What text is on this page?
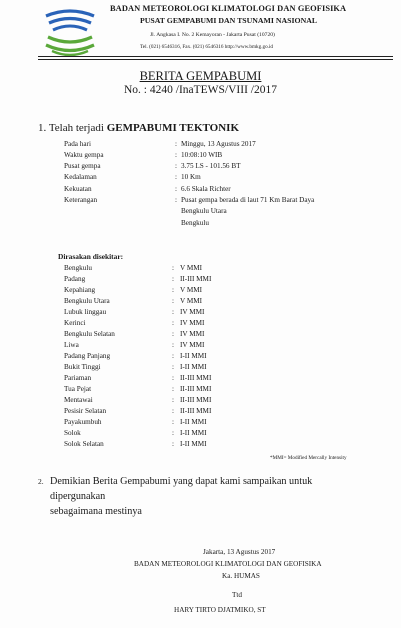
BADAN METEOROLOGI KLIMATOLOGI DAN GEOFISIKA
PUSAT GEMPABUMI DAN TSUNAMI NASIONAL
Jl. Angkasa I. No. 2 Kemayoran - Jakarta Pusat (10720)
Tel. (021) 6546316, Fax. (021) 6546316 http://www.bmkg.go.id
BERITA GEMPABUMI
No. : 4240 /InaTEWS/VIII /2017
1. Telah terjadi GEMPABUMI TEKTONIK
Pada hari	: Minggu, 13 Agustus 2017
Waktu gempa	: 10:08:10 WIB
Pusat gempa	: 3.75 LS - 101.56 BT
Kedalaman	: 10 Km
Kekuatan	: 6.6 Skala Richter
Keterangan	: Pusat gempa berada di laut 71 Km Barat Daya
Bengkulu Utara
Bengkulu
Dirasakan disekitar:
Bengkulu	: V MMI
Padang	: II-III MMI
Kepahiang	: V MMI
Bengkulu Utara	: V MMI
Lubuk linggau	: IV MMI
Kerinci	: IV MMI
Bengkulu Selatan	: IV MMI
Liwa	: IV MMI
Padang Panjang	: I-II MMI
Bukit Tinggi	: I-II MMI
Pariaman	: II-III MMI
Tua Pejat	: II-III MMI
Mentawai	: II-III MMI
Pesisir Selatan	: II-III MMI
Payakumbuh	: I-II MMI
Solok	: I-II MMI
Solok Selatan	: I-II MMI
*MMI= Modified Mercally Intensity
2. Demikian Berita Gempabumi yang dapat kami sampaikan untuk
dipergunakan
sebagaimana mestinya
Jakarta, 13 Agustus 2017
BADAN METEOROLOGI KLIMATOLOGI DAN GEOFISIKA
Ka. HUMAS
Ttd
HARY TIRTO DJATMIKO, ST
